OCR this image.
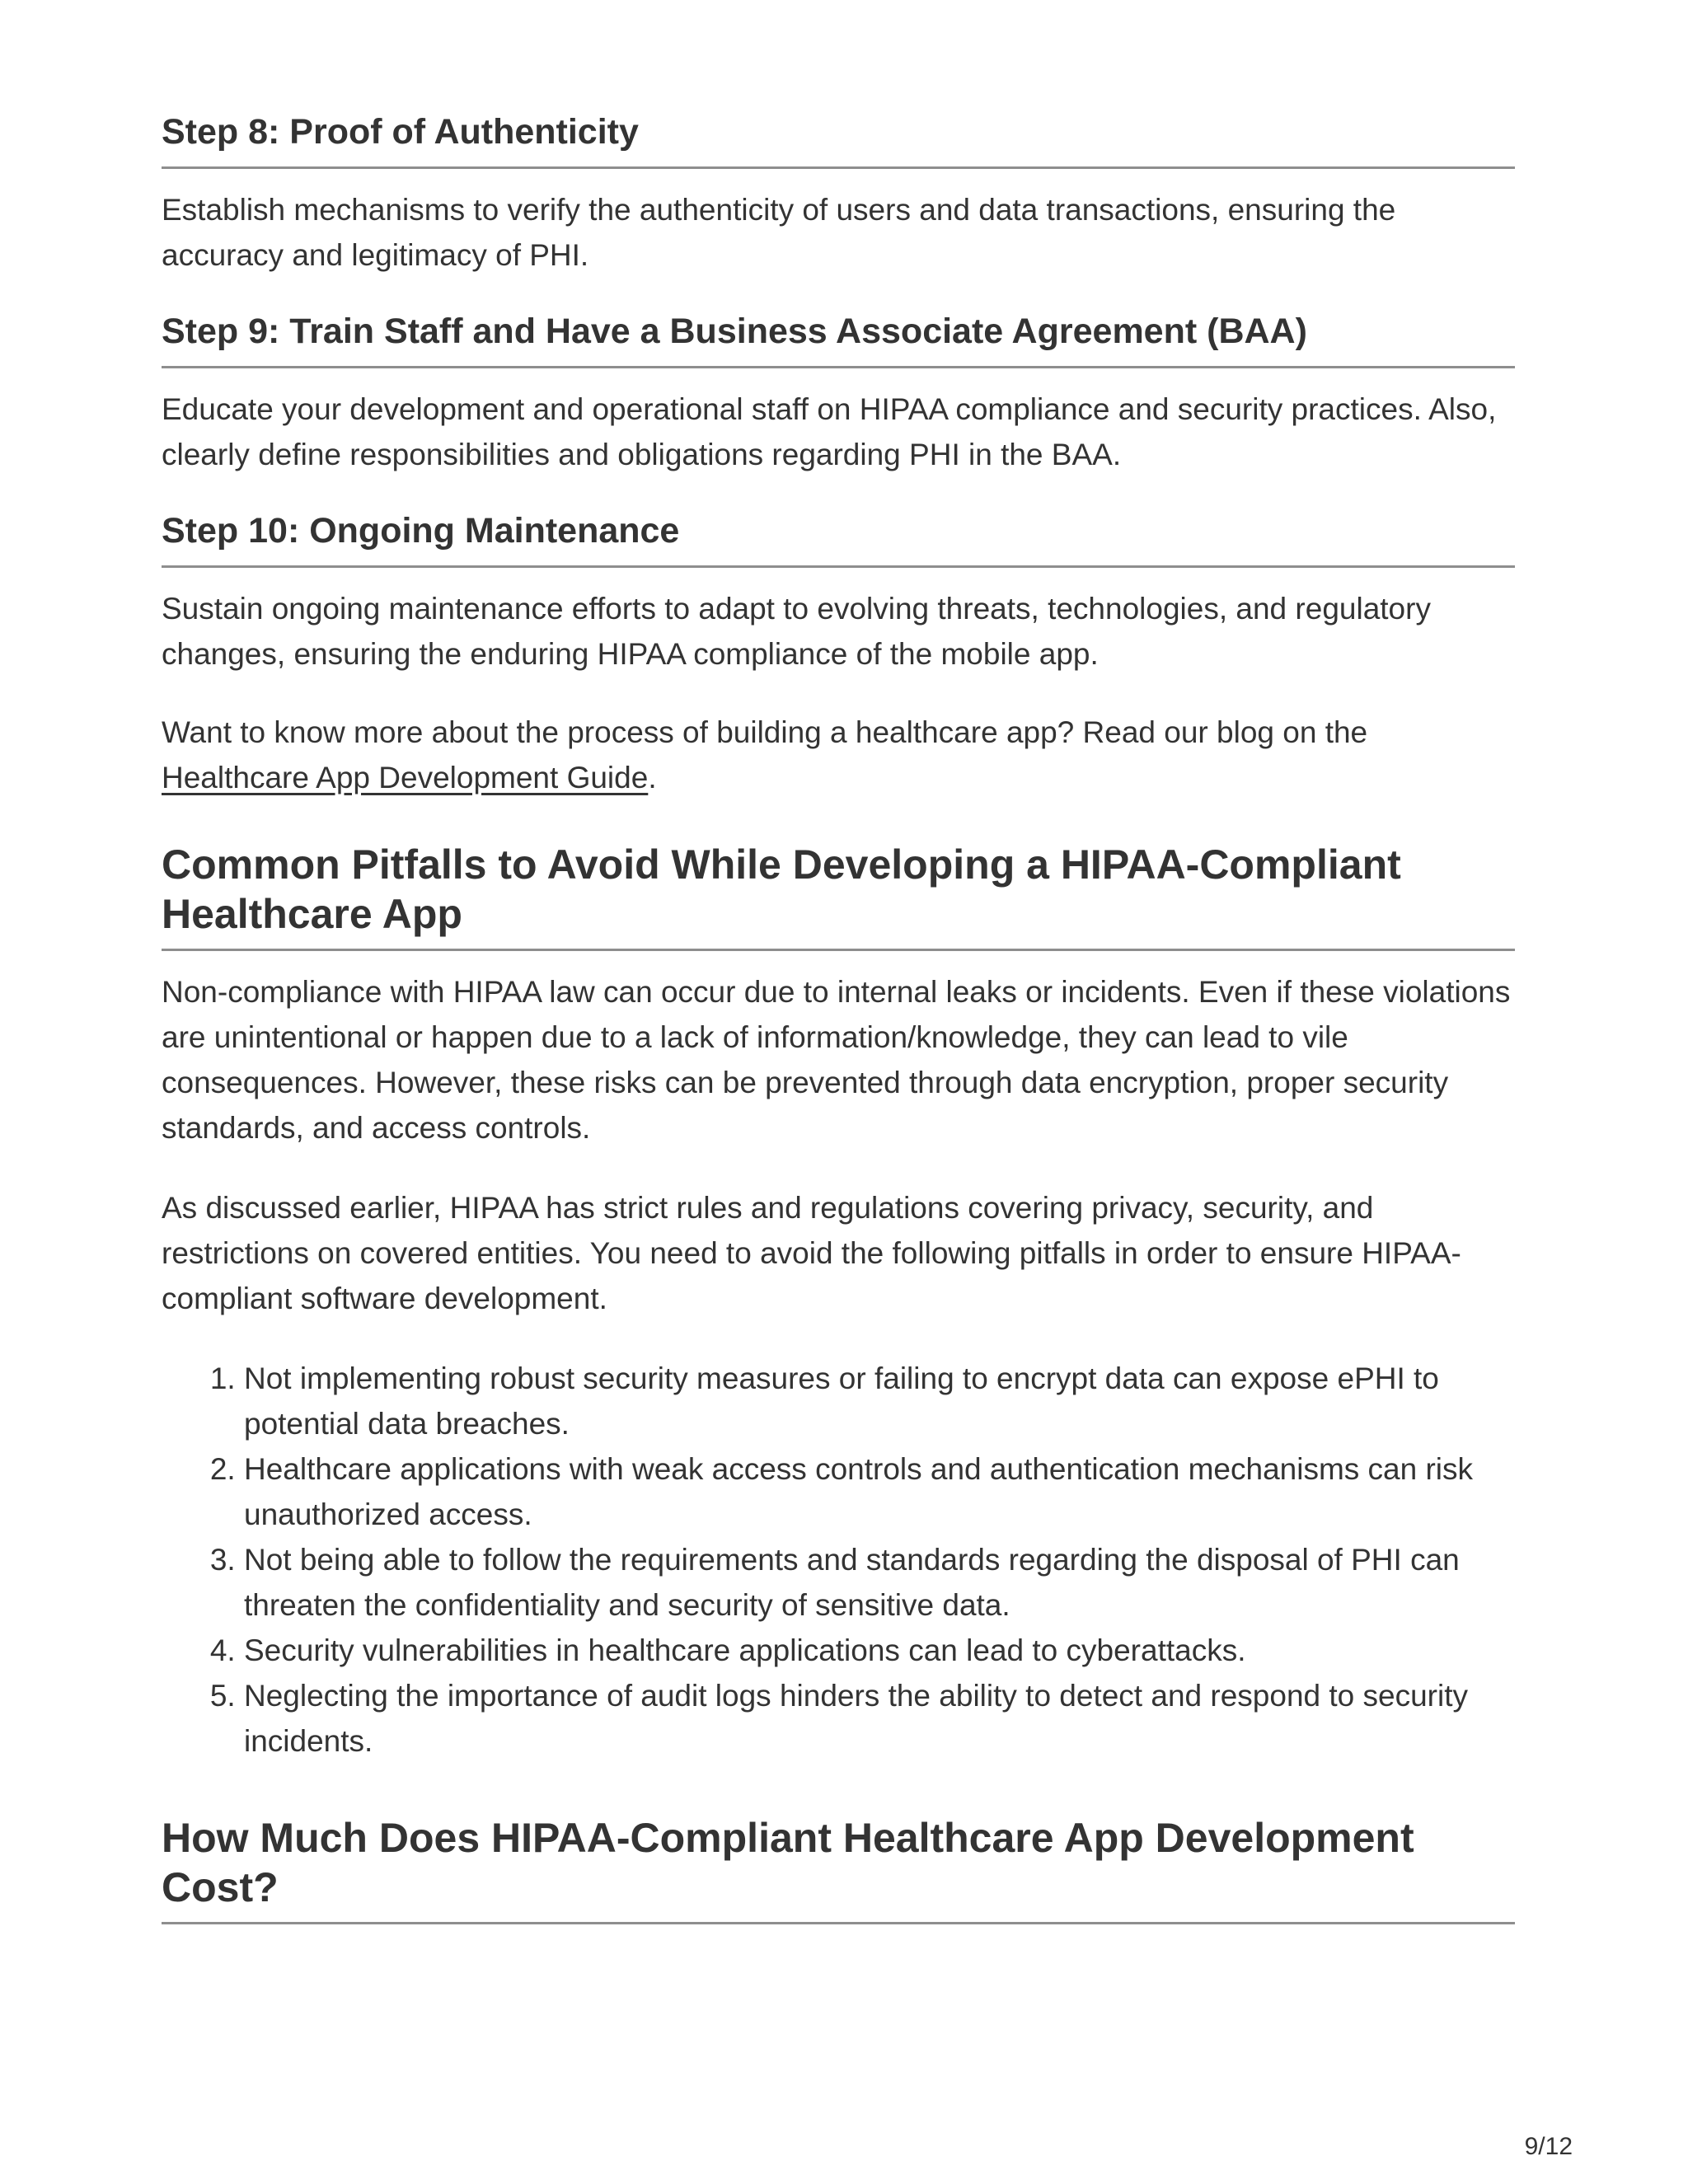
Step 8: Proof of Authenticity

Establish mechanisms to verify the authenticity of users and data transactions, ensuring the accuracy and legitimacy of PHI.

Step 9: Train Staff and Have a Business Associate Agreement (BAA)

Educate your development and operational staff on HIPAA compliance and security practices. Also, clearly define responsibilities and obligations regarding PHI in the BAA.

Step 10: Ongoing Maintenance

Sustain ongoing maintenance efforts to adapt to evolving threats, technologies, and regulatory changes, ensuring the enduring HIPAA compliance of the mobile app.

Want to know more about the process of building a healthcare app? Read our blog on the Healthcare App Development Guide.

Common Pitfalls to Avoid While Developing a HIPAA-Compliant Healthcare App

Non-compliance with HIPAA law can occur due to internal leaks or incidents. Even if these violations are unintentional or happen due to a lack of information/knowledge, they can lead to vile consequences. However, these risks can be prevented through data encryption, proper security standards, and access controls.

As discussed earlier, HIPAA has strict rules and regulations covering privacy, security, and restrictions on covered entities. You need to avoid the following pitfalls in order to ensure HIPAA-compliant software development.

1. Not implementing robust security measures or failing to encrypt data can expose ePHI to potential data breaches.
2. Healthcare applications with weak access controls and authentication mechanisms can risk unauthorized access.
3. Not being able to follow the requirements and standards regarding the disposal of PHI can threaten the confidentiality and security of sensitive data.
4. Security vulnerabilities in healthcare applications can lead to cyberattacks.
5. Neglecting the importance of audit logs hinders the ability to detect and respond to security incidents.
How Much Does HIPAA-Compliant Healthcare App Development Cost?
9/12
